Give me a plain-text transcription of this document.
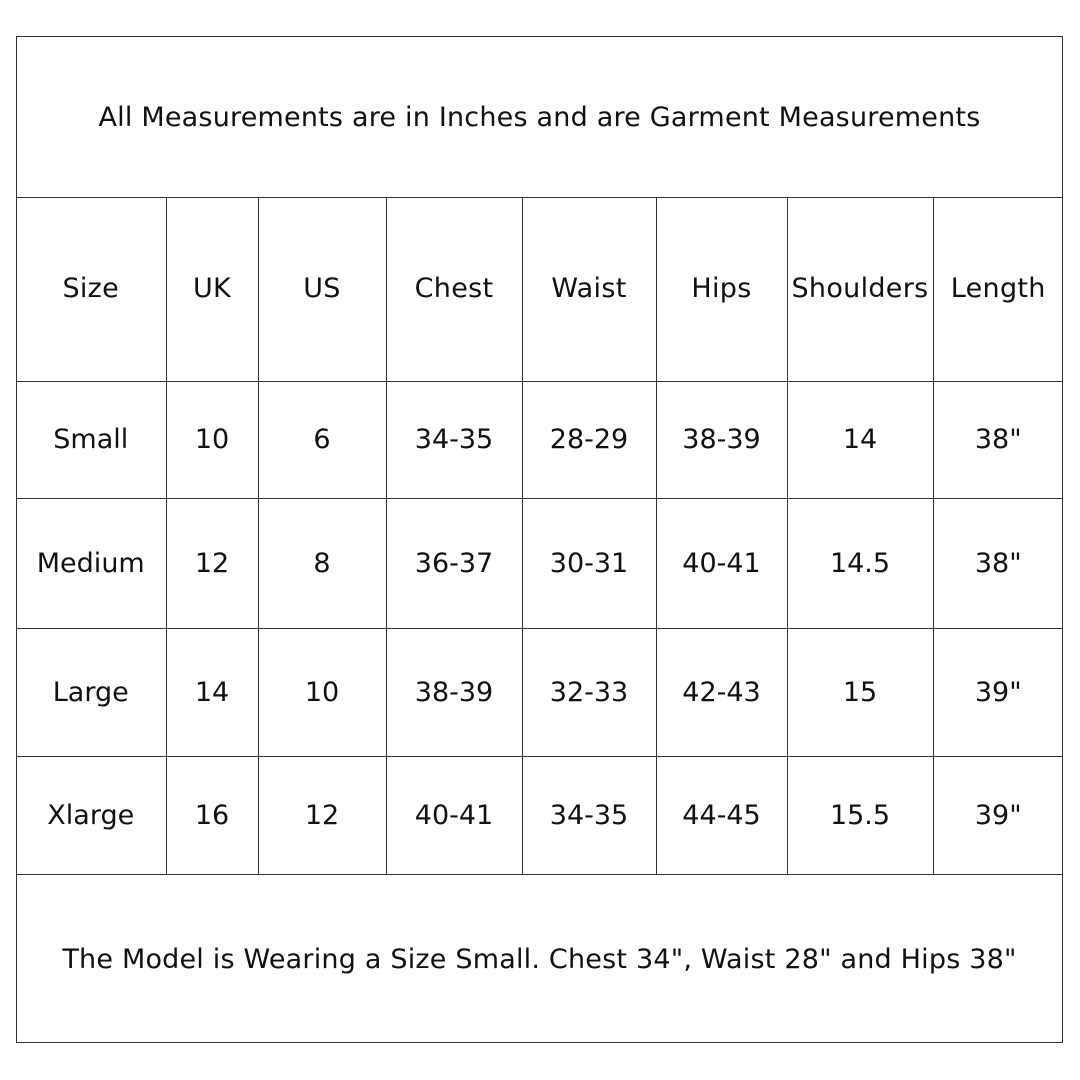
All Measurements are in Inches and are Garment Measurements
Size	UK	US	Chest	Waist	Hips	Shoulders	Length
Small	10	6	34-35	28-29	38-39	14	38"
Medium	12	8	36-37	30-31	40-41	14.5	38"
Large	14	10	38-39	32-33	42-43	15	39"
Xlarge	16	12	40-41	34-35	44-45	15.5	39"
The Model is Wearing a Size Small. Chest 34", Waist 28" and Hips 38"
